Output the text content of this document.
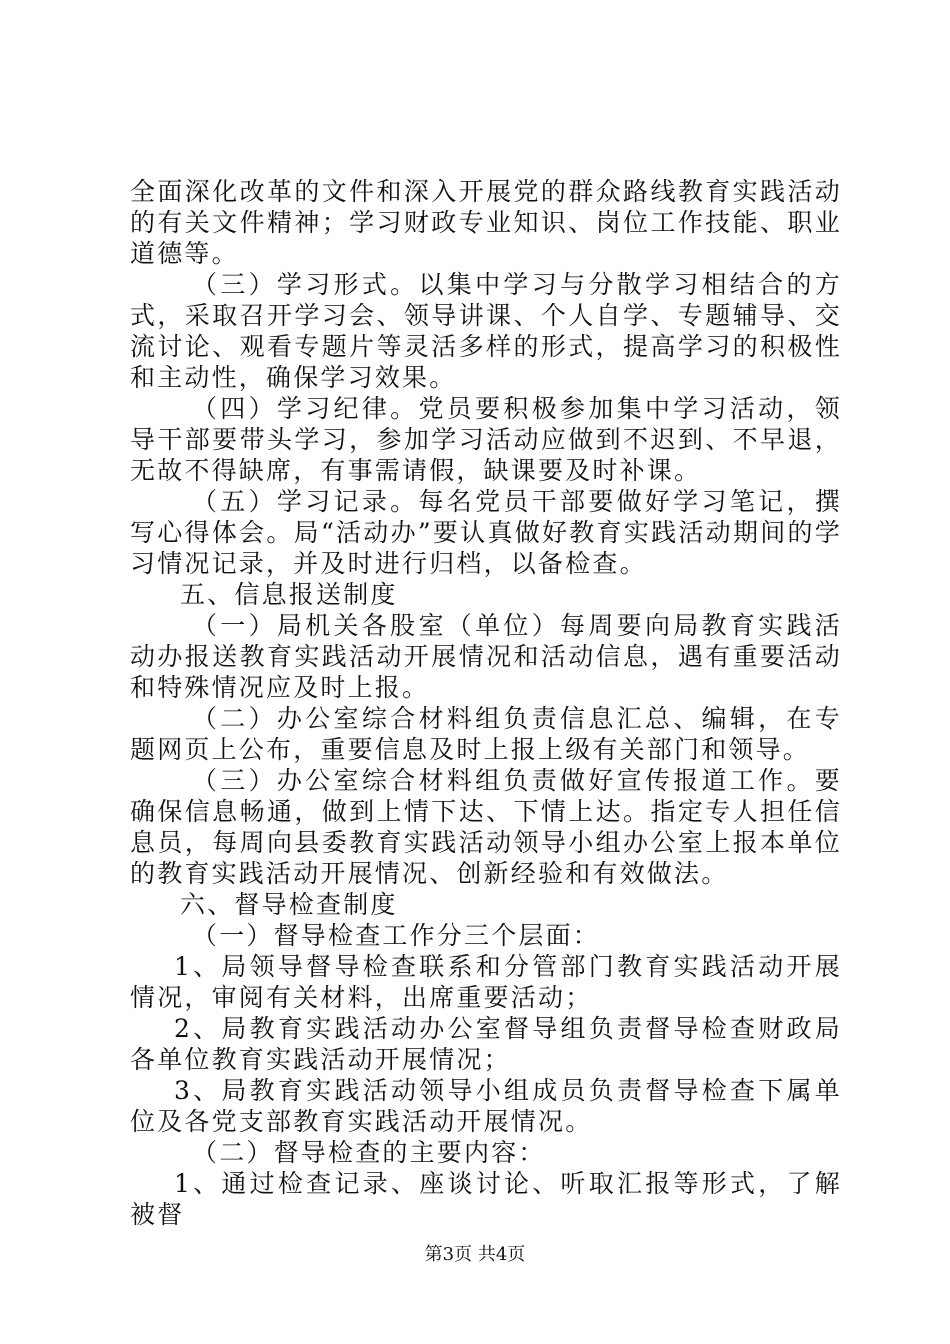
全面深化改革的文件和深入开展党的群众路线教育实践活动的有关文件精神；学习财政专业知识、岗位工作技能、职业道德等。

（三）学习形式。以集中学习与分散学习相结合的方式，采取召开学习会、领导讲课、个人自学、专题辅导、交流讨论、观看专题片等灵活多样的形式，提高学习的积极性和主动性，确保学习效果。

（四）学习纪律。党员要积极参加集中学习活动，领导干部要带头学习，参加学习活动应做到不迟到、不早退，无故不得缺席，有事需请假，缺课要及时补课。

（五）学习记录。每名党员干部要做好学习笔记，撰写心得体会。局“活动办”要认真做好教育实践活动期间的学习情况记录，并及时进行归档，以备检查。

五、信息报送制度

（一）局机关各股室（单位）每周要向局教育实践活动办报送教育实践活动开展情况和活动信息，遇有重要活动和特殊情况应及时上报。

（二）办公室综合材料组负责信息汇总、编辑，在专题网页上公布，重要信息及时上报上级有关部门和领导。

（三）办公室综合材料组负责做好宣传报道工作。要确保信息畅通，做到上情下达、下情上达。指定专人担任信息员，每周向县委教育实践活动领导小组办公室上报本单位的教育实践活动开展情况、创新经验和有效做法。

六、督导检查制度

（一）督导检查工作分三个层面：

1、局领导督导检查联系和分管部门教育实践活动开展情况，审阅有关材料，出席重要活动；

2、局教育实践活动办公室督导组负责督导检查财政局各单位教育实践活动开展情况；

3、局教育实践活动领导小组成员负责督导检查下属单位及各党支部教育实践活动开展情况。

（二）督导检查的主要内容：

1、通过检查记录、座谈讨论、听取汇报等形式，了解被督

第3页 共4页
